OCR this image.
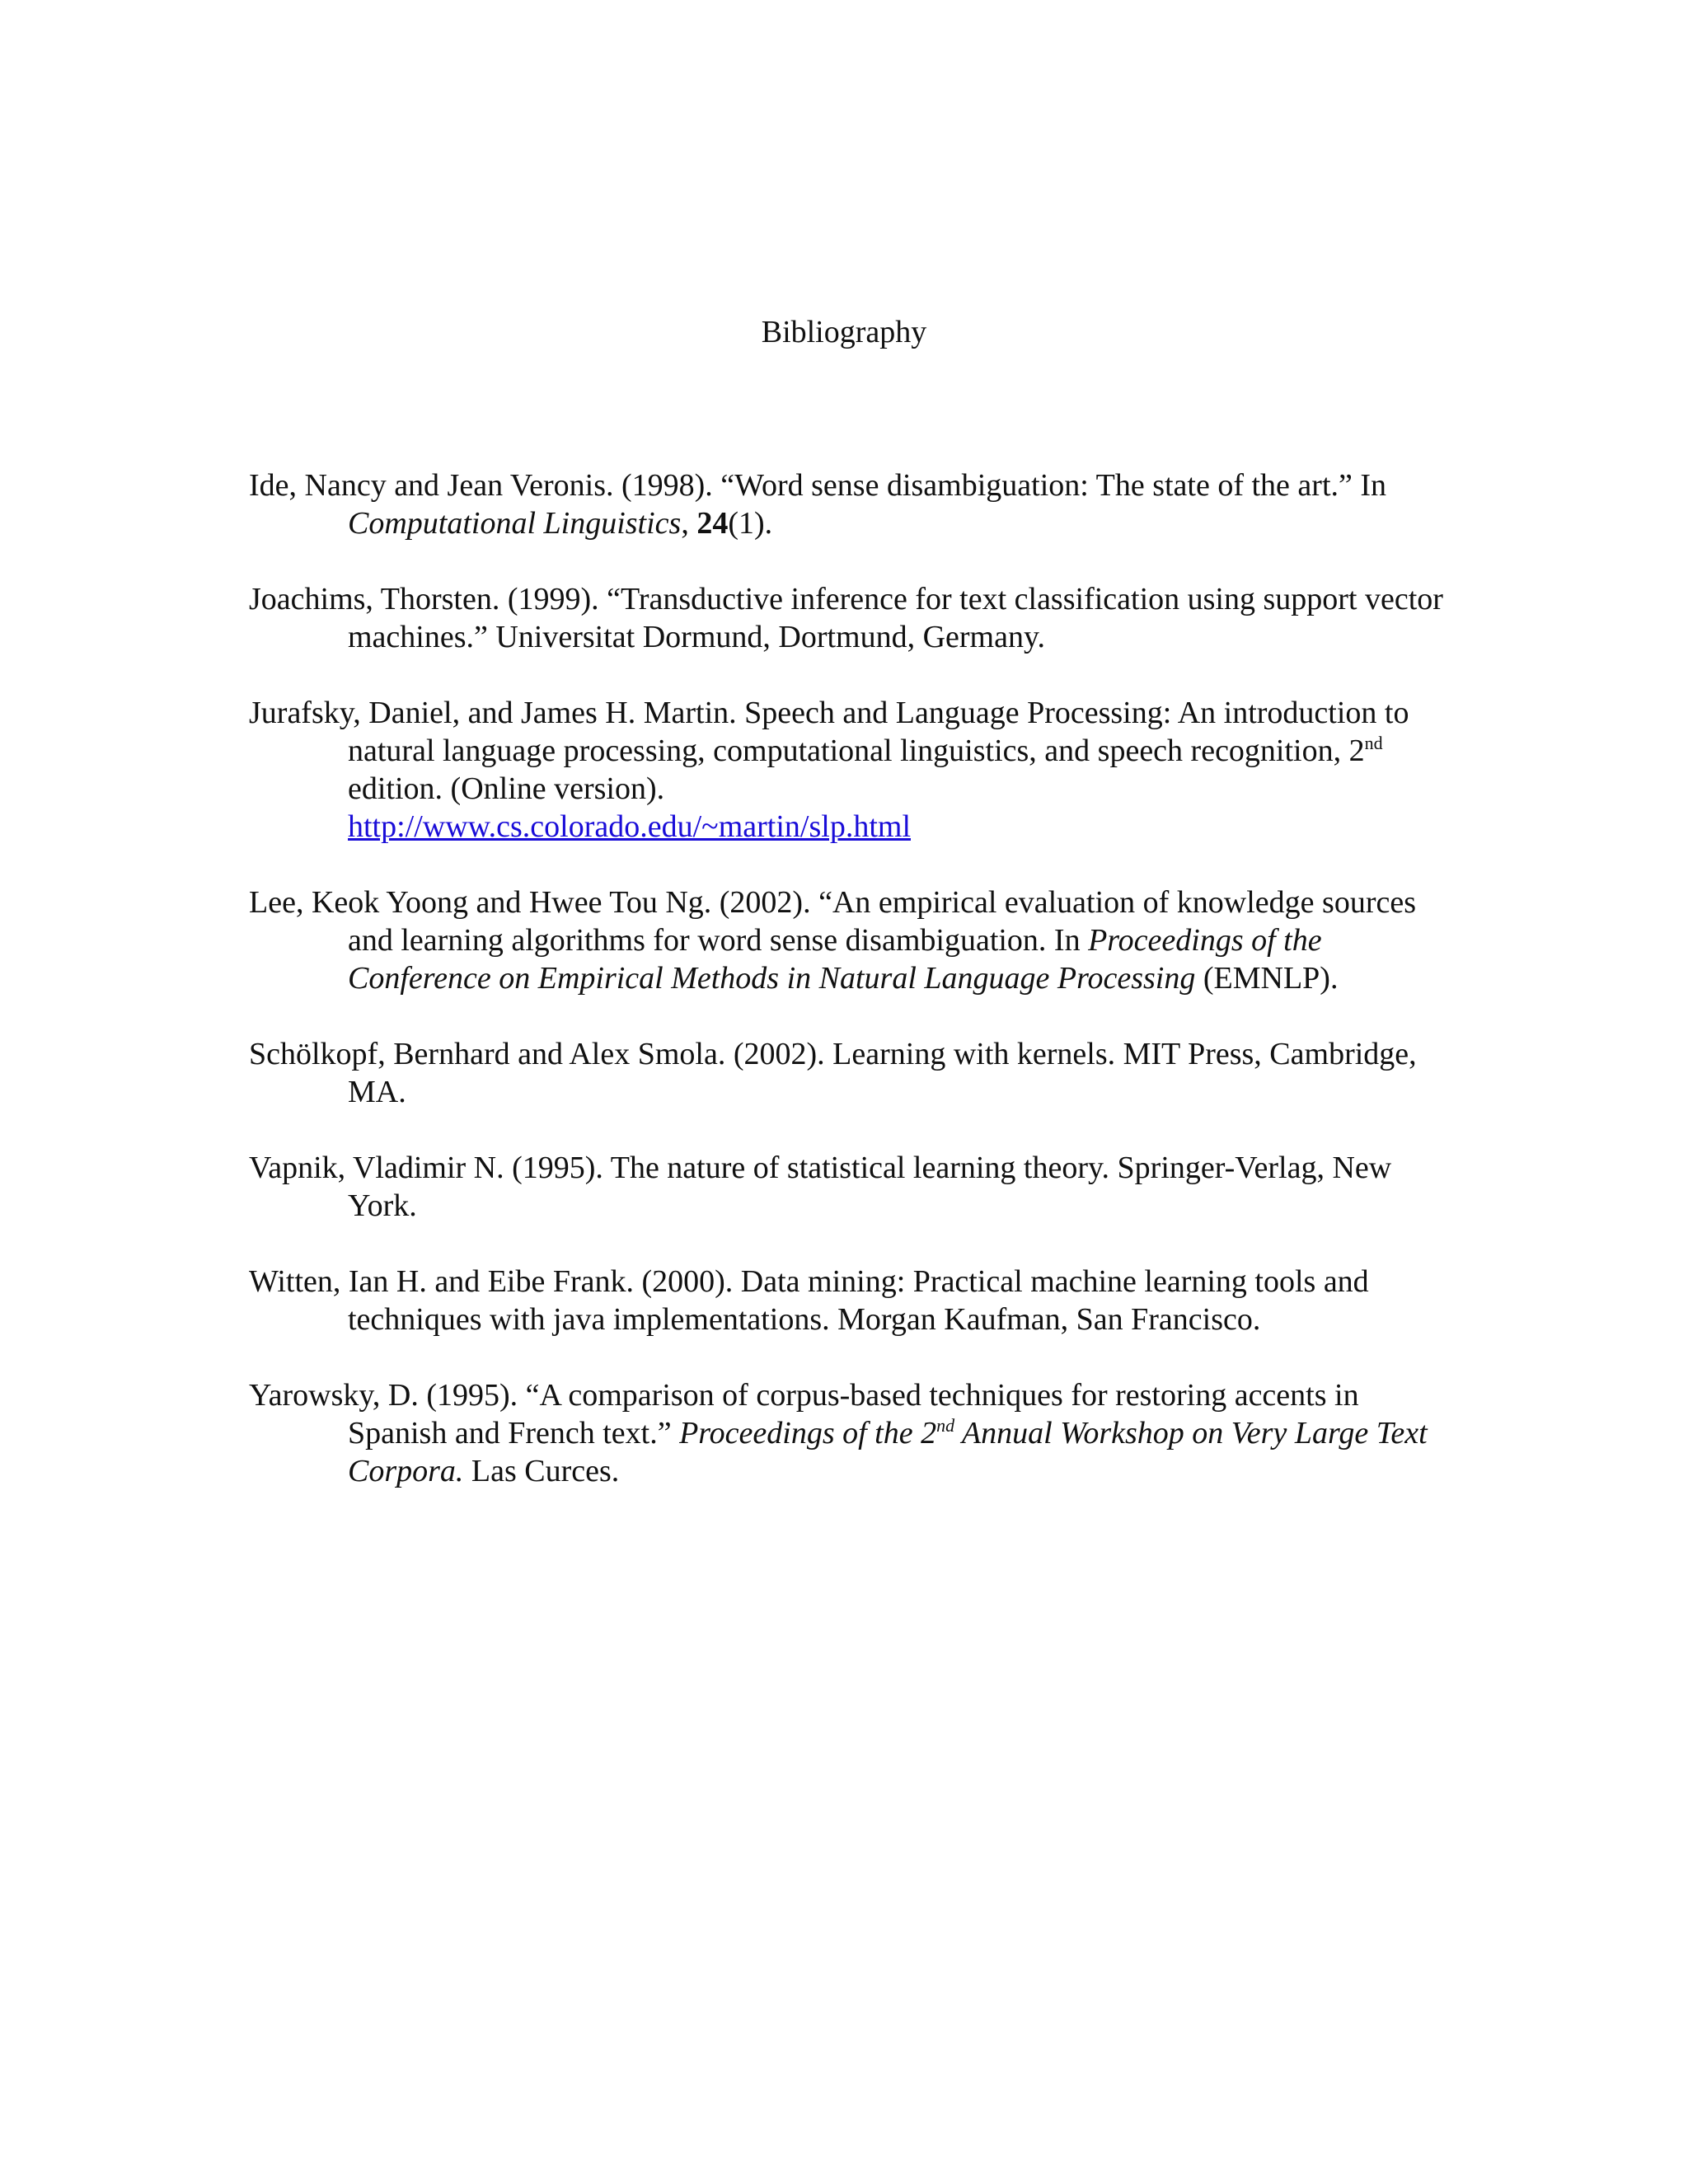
Bibliography

Ide, Nancy and Jean Veronis. (1998). “Word sense disambiguation: The state of the art.” In Computational Linguistics, 24(1).

Joachims, Thorsten. (1999). “Transductive inference for text classification using support vector machines.” Universitat Dormund, Dortmund, Germany.

Jurafsky, Daniel, and James H. Martin. Speech and Language Processing: An introduction to natural language processing, computational linguistics, and speech recognition, 2nd edition. (Online version).
http://www.cs.colorado.edu/~martin/slp.html

Lee, Keok Yoong and Hwee Tou Ng. (2002). “An empirical evaluation of knowledge sources and learning algorithms for word sense disambiguation. In Proceedings of the Conference on Empirical Methods in Natural Language Processing (EMNLP).

Schölkopf, Bernhard and Alex Smola. (2002). Learning with kernels. MIT Press, Cambridge, MA.

Vapnik, Vladimir N. (1995). The nature of statistical learning theory. Springer-Verlag, New York.

Witten, Ian H. and Eibe Frank. (2000). Data mining: Practical machine learning tools and techniques with java implementations. Morgan Kaufman, San Francisco.

Yarowsky, D. (1995). “A comparison of corpus-based techniques for restoring accents in Spanish and French text.” Proceedings of the 2nd Annual Workshop on Very Large Text Corpora. Las Curces.
